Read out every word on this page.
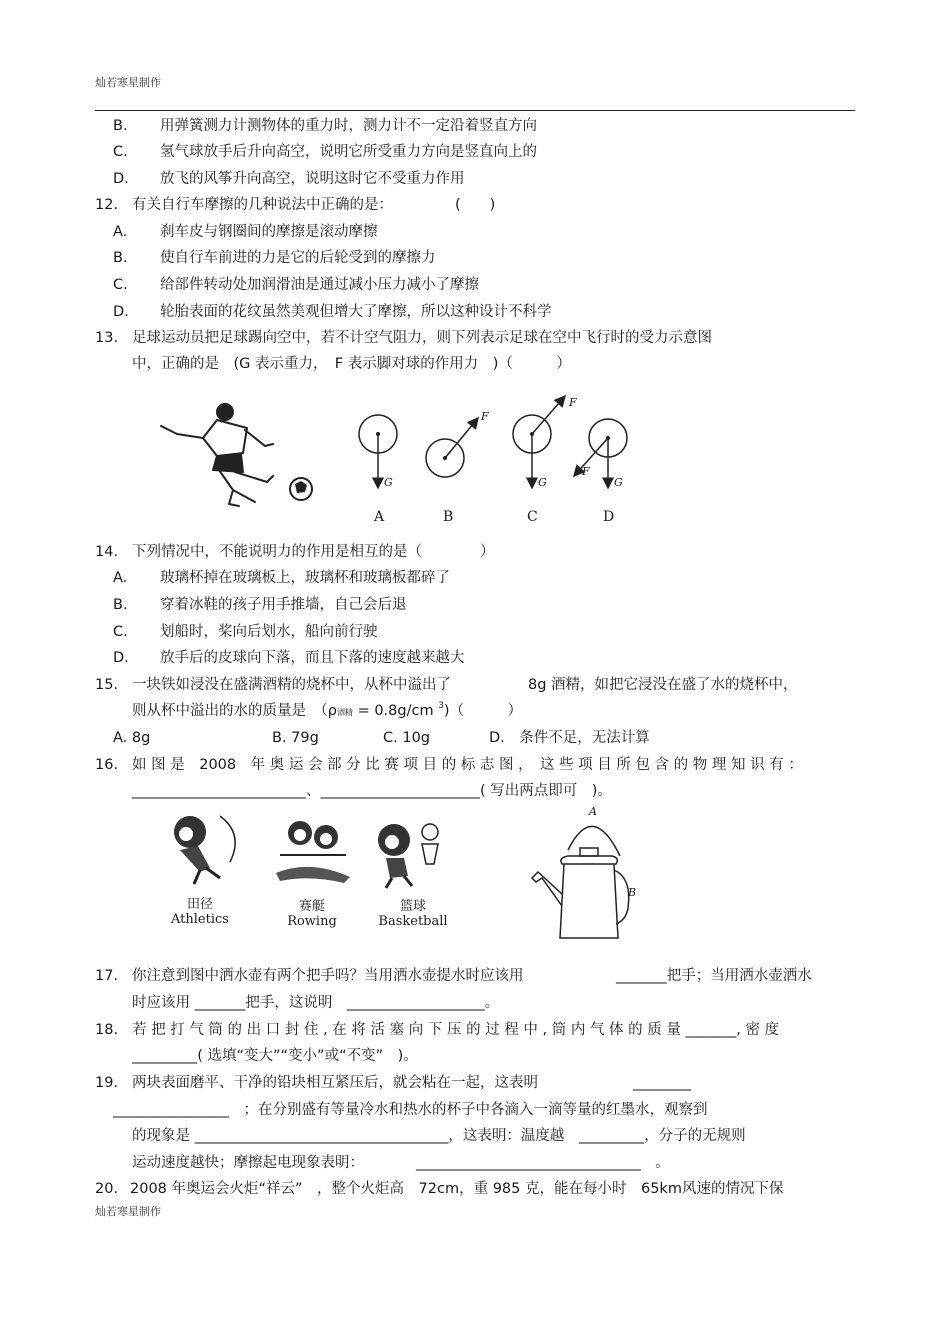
灿若寒星制作
B. 用弹簧测力计测物体的重力时，测力计不一定沿着竖直方向
C. 氢气球放手后升向高空，说明它所受重力方向是竖直向上的
D. 放飞的风筝升向高空，说明这时它不受重力作用
12. 有关自行车摩擦的几种说法中正确的是：	(　　)
A. 刹车皮与钢圈间的摩擦是滚动摩擦
B. 使自行车前进的力是它的后轮受到的摩擦力
C. 给部件转动处加润滑油是通过减小压力减小了摩擦
D. 轮胎表面的花纹虽然美观但增大了摩擦，所以这种设计不科学
13. 足球运动员把足球踢向空中，若不计空气阻力，则下列表示足球在空中飞行时的受力示意图
中，正确的是　(G 表示重力，　F 表示脚对球的作用力　)（　　　）
G
F
G
F
F
G
A	B	C	D
14. 下列情况中，不能说明力的作用是相互的是（　　　　）
A. 玻璃杯掉在玻璃板上，玻璃杯和玻璃板都碎了
B. 穿着冰鞋的孩子用手推墙，自己会后退
C. 划船时，桨向后划水，船向前行驶
D. 放手后的皮球向下落，而且下落的速度越来越大
15. 一块铁如浸没在盛满酒精的烧杯中，从杯中溢出了	8g 酒精，如把它浸没在盛了水的烧杯中，
则从杯中溢出的水的质量是　（ρ酒精 = 0.8g/cm $^3$)（　　　）
A. 8g	B. 79g	C. 10g	D.　条件不足，无法计算
16. 如 图 是　2008　年 奥 运 会 部 分 比 赛 项 目 的 标 志 图 ，　这 些 项 目 所 包 含 的 物 理 知 识 有 ：
________________________、______________________( 写出两点即可　)。
田径
Athletics
赛艇
Rowing
篮球
Basketball
A
B
17. 你注意到图中洒水壶有两个把手吗？当用洒水壶提水时应该用	_______把手；当用洒水壶洒水
时应该用 _______把手，这说明　___________________。
18. 若 把 打 气 筒 的 出 口 封 住 , 在 将 活 塞 向 下 压 的 过 程 中 , 筒 内 气 体 的 质 量 _______, 密 度
_________( 选填“变大”“变小”或“不变”　)。
19. 两块表面磨平、干净的铅块相互紧压后，就会粘在一起，这表明	________
________________　；在分别盛有等量冷水和热水的杯子中各滴入一滴等量的红墨水，观察到
的现象是 ___________________________________，这表明：温度越　_________，分子的无规则
运动速度越快；摩擦起电现象表明：	_______________________________　。
20. 2008 年奥运会火炬“祥云”　，整个火炬高　72cm，重 985 克，能在每小时　65km风速的情况下保
灿若寒星制作
